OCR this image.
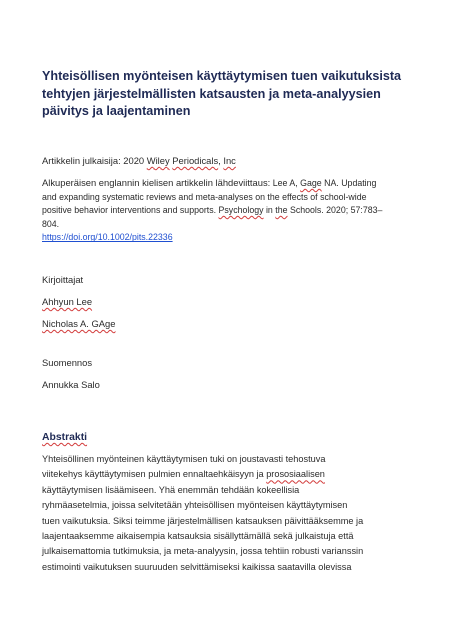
Yhteisöllisen myönteisen käyttäytymisen tuen vaikutuksista
tehtyjen järjestelmällisten katsausten ja meta-analyysien
päivitys ja laajentaminen
Artikkelin julkaisija: 2020 Wiley Periodicals, Inc
Alkuperäisen englannin kielisen artikkelin lähdeviittaus: Lee A, Gage NA. Updating
and expanding systematic reviews and meta-analyses on the effects of school-wide
positive behavior interventions and supports. Psychology in the Schools. 2020; 57:783–
804.
https://doi.org/10.1002/pits.22336
Kirjoittajat
Ahhyun Lee
Nicholas A. GAge
Suomennos
Annukka Salo
Abstrakti
Yhteisöllinen myönteinen käyttäytymisen tuki on joustavasti tehostuva
viitekehys käyttäytymisen pulmien ennaltaehkäisyyn ja prososiaalisen
käyttäytymisen lisäämiseen. Yhä enemmän tehdään kokeellisia
ryhmäasetelmia, joissa selvitetään yhteisöllisen myönteisen käyttäytymisen
tuen vaikutuksia. Siksi teimme järjestelmällisen katsauksen päivittääksemme ja
laajentaaksemme aikaisempia katsauksia sisällyttämällä sekä julkaistuja että
julkaisemattomia tutkimuksia, ja meta-analyysin, jossa tehtiin robusti varianssin
estimointi vaikutuksen suuruuden selvittämiseksi kaikissa saatavilla olevissa
